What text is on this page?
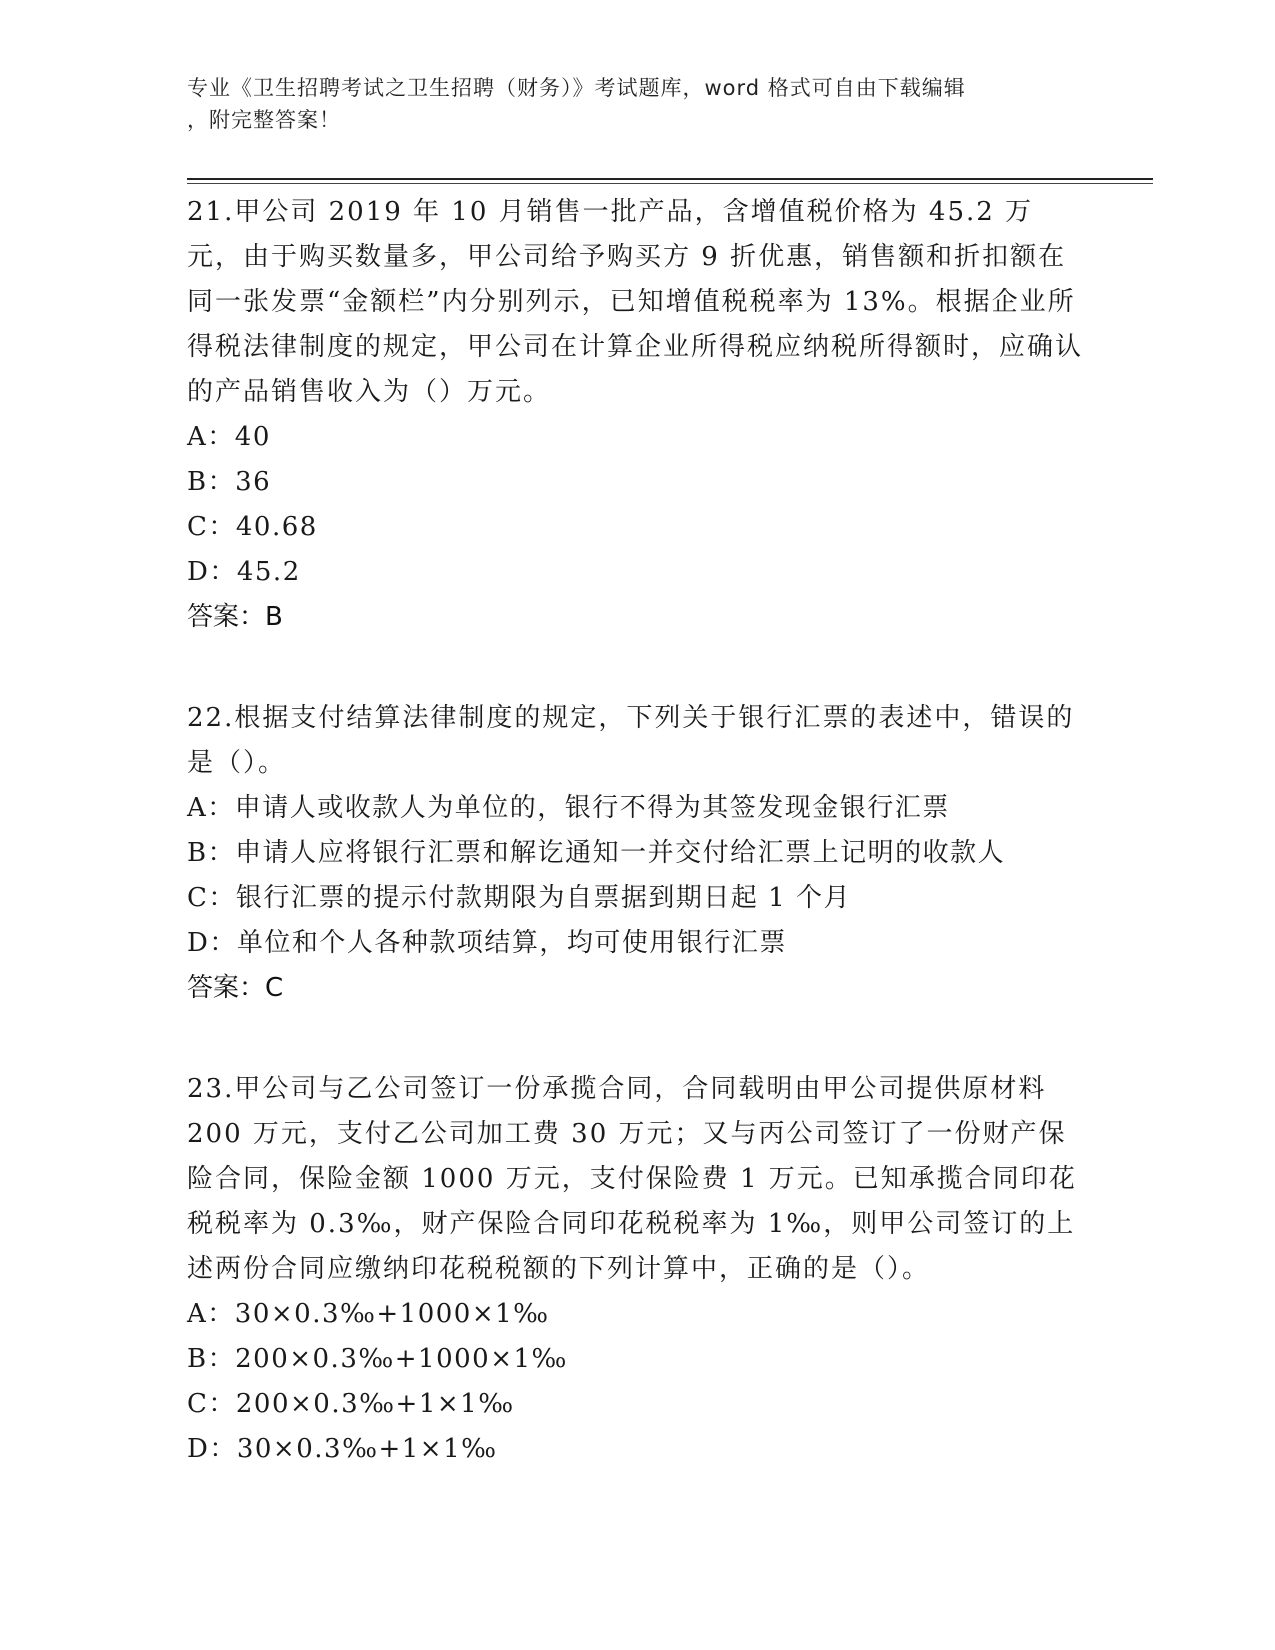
专业《卫生招聘考试之卫生招聘（财务）》考试题库，word 格式可自由下载编辑
，附完整答案！

21.甲公司 2019 年 10 月销售一批产品，含增值税价格为 45.2 万元，由于购买数量多，甲公司给予购买方 9 折优惠，销售额和折扣额在同一张发票“金额栏”内分别列示，已知增值税税率为 13%。根据企业所得税法律制度的规定，甲公司在计算企业所得税应纳税所得额时，应确认的产品销售收入为（）万元。

A：40

B：36

C：40.68

D：45.2

答案：B

22.根据支付结算法律制度的规定，下列关于银行汇票的表述中，错误的是（）。

A：申请人或收款人为单位的，银行不得为其签发现金银行汇票

B：申请人应将银行汇票和解讫通知一并交付给汇票上记明的收款人

C：银行汇票的提示付款期限为自票据到期日起 1 个月

D：单位和个人各种款项结算，均可使用银行汇票

答案：C

23.甲公司与乙公司签订一份承揽合同，合同载明由甲公司提供原材料 200 万元，支付乙公司加工费 30 万元；又与丙公司签订了一份财产保险合同，保险金额 1000 万元，支付保险费 1 万元。已知承揽合同印花税税率为 0.3‰，财产保险合同印花税税率为 1‰，则甲公司签订的上述两份合同应缴纳印花税税额的下列计算中，正确的是（）。

A：30×0.3‰+1000×1‰

B：200×0.3‰+1000×1‰

C：200×0.3‰+1×1‰

D：30×0.3‰+1×1‰
